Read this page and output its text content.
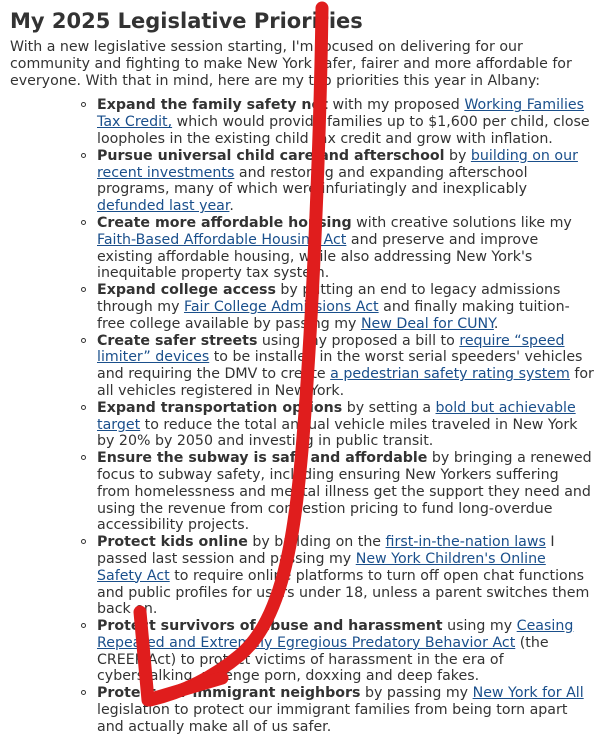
My 2025 Legislative Priorities

With a new legislative session starting, I'm focused on delivering for our community and fighting to make New York safer, fairer and more affordable for everyone. With that in mind, here are my top priorities this year in Albany:

Expand the family safety net with my proposed Working Families Tax Credit, which would provide families up to $1,600 per child, close loopholes in the existing child tax credit and grow with inflation.
Pursue universal child care and afterschool by building on our recent investments and restoring and expanding afterschool programs, many of which were infuriatingly and inexplicably defunded last year.
Create more affordable housing with creative solutions like my Faith-Based Affordable Housing Act and preserve and improve existing affordable housing, while also addressing New York's inequitable property tax system.
Expand college access by putting an end to legacy admissions through my Fair College Admissions Act and finally making tuition-free college available by passing my New Deal for CUNY.
Create safer streets using my proposed a bill to require “speed limiter” devices to be installed in the worst serial speeders' vehicles and requiring the DMV to create a pedestrian safety rating system for all vehicles registered in New York.
Expand transportation options by setting a bold but achievable target to reduce the total annual vehicle miles traveled in New York by 20% by 2050 and investing in public transit.
Ensure the subway is safe and affordable by bringing a renewed focus to subway safety, including ensuring New Yorkers suffering from homelessness and mental illness get the support they need and using the revenue from congestion pricing to fund long-overdue accessibility projects.
Protect kids online by building on the first-in-the-nation laws I passed last session and passing my New York Children's Online Safety Act to require online platforms to turn off open chat functions and public profiles for users under 18, unless a parent switches them back on.
Protect survivors of abuse and harassment using my Ceasing Repeated and Extremely Egregious Predatory Behavior Act (the CREEP Act) to protect victims of harassment in the era of cyberstalking, revenge porn, doxxing and deep fakes.
Protect our immigrant neighbors by passing my New York for All legislation to protect our immigrant families from being torn apart and actually make all of us safer.
